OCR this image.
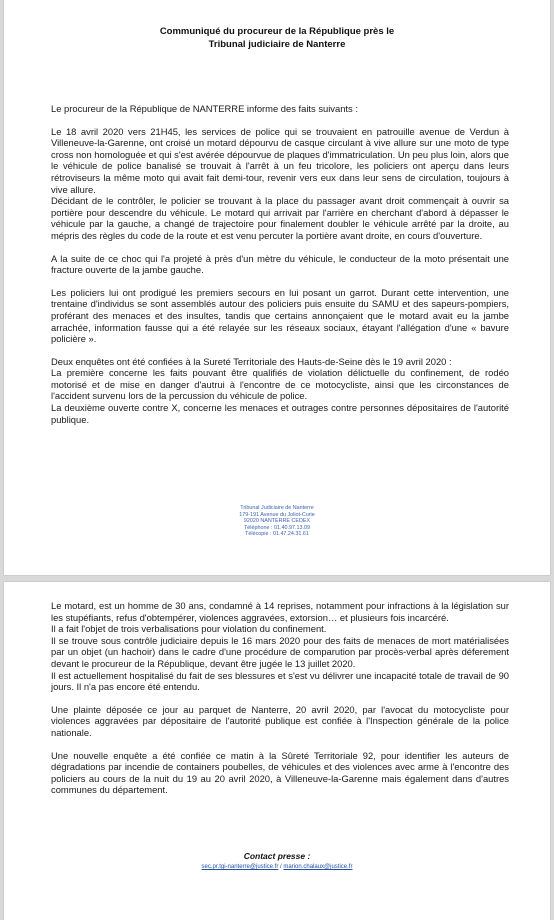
Communiqué du procureur de la République près le
Tribunal judiciaire de Nanterre

Le procureur de la République de NANTERRE informe des faits suivants :

Le 18 avril 2020 vers 21H45, les services de police qui se trouvaient en patrouille avenue de Verdun à Villeneuve-la-Garenne, ont croisé un motard dépourvu de casque circulant à vive allure sur une moto de type cross non homologuée et qui s'est avérée dépourvue de plaques d'immatriculation. Un peu plus loin, alors que le véhicule de police banalisé se trouvait à l'arrêt à un feu tricolore, les policiers ont aperçu dans leurs rétroviseurs la même moto qui avait fait demi-tour, revenir vers eux dans leur sens de circulation, toujours à vive allure.

Décidant de le contrôler, le policier se trouvant à la place du passager avant droit commençait à ouvrir sa portière pour descendre du véhicule. Le motard qui arrivait par l'arrière en cherchant d'abord à dépasser le véhicule par la gauche, a changé de trajectoire pour finalement doubler le véhicule arrêté par la droite, au mépris des règles du code de la route et est venu percuter la portière avant droite, en cours d'ouverture.

A la suite de ce choc qui l'a projeté à près d'un mètre du véhicule, le conducteur de la moto présentait une fracture ouverte de la jambe gauche.

Les policiers lui ont prodigué les premiers secours en lui posant un garrot. Durant cette intervention, une trentaine d'individus se sont assemblés autour des policiers puis ensuite du SAMU et des sapeurs-pompiers, proférant des menaces et des insultes, tandis que certains annonçaient que le motard avait eu la jambe arrachée, information fausse qui a été relayée sur les réseaux sociaux, étayant l'allégation d'une « bavure policière ».

Deux enquêtes ont été confiées à la Sureté Territoriale des Hauts-de-Seine dès le 19 avril 2020 :

La première concerne les faits pouvant être qualifiés de violation délictuelle du confinement, de rodéo motorisé et de mise en danger d'autrui à l'encontre de ce motocycliste, ainsi que les circonstances de l'accident survenu lors de la percussion du véhicule de police.

La deuxième ouverte contre X, concerne les menaces et outrages contre personnes dépositaires de l'autorité publique.

Tribunal Judiciaire de Nanterre
179-191 Avenue du Joliot-Curie
92020 NANTERRE CEDEX
Téléphone : 01.40.97.13.09
Télécopie : 01.47.24.31.61

Le motard, est un homme de 30 ans, condamné à 14 reprises, notamment pour infractions à la législation sur les stupéfiants, refus d'obtempérer, violences aggravées, extorsion… et plusieurs fois incarcéré.

Il a fait l'objet de trois verbalisations pour violation du confinement.

Il se trouve sous contrôle judiciaire depuis le 16 mars 2020 pour des faits de menaces de mort matérialisées par un objet (un hachoir) dans le cadre d'une procédure de comparution par procès-verbal après déferement devant le procureur de la République, devant être jugée le 13 juillet 2020.

Il est actuellement hospitalisé du fait de ses blessures et s'est vu délivrer une incapacité totale de travail de 90 jours. Il n'a pas encore été entendu.

Une plainte déposée ce jour au parquet de Nanterre, 20 avril 2020, par l'avocat du motocycliste pour violences aggravées par dépositaire de l'autorité publique est confiée à l'Inspection générale de la police nationale.

Une nouvelle enquête a été confiée ce matin à la Sûreté Territoriale 92, pour identifier les auteurs de dégradations par incendie de containers poubelles, de véhicules et des violences avec arme à l'encontre des policiers au cours de la nuit du 19 au 20 avril 2020, à Villeneuve-la-Garenne mais également dans d'autres communes du département.

Contact presse :
sec.pr.tgi-nanterre@justice.fr / marion.chalaux@justice.fr
